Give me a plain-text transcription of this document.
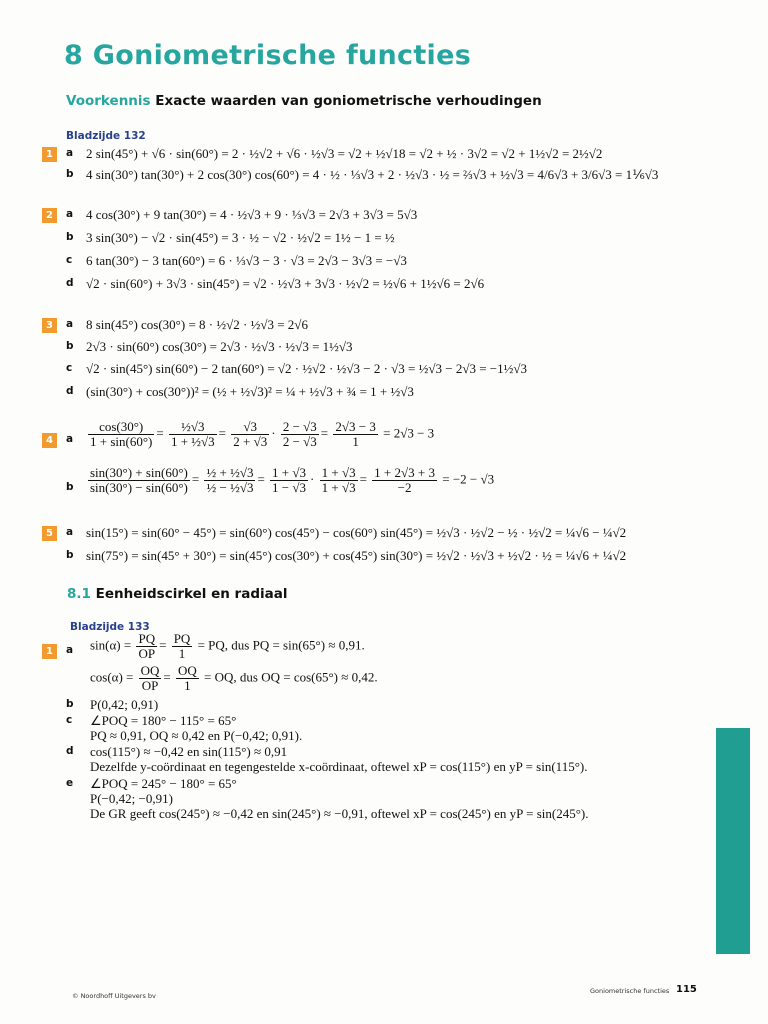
8 Goniometrische functies
Voorkennis Exacte waarden van goniometrische verhoudingen
Bladzijde 132
1	a 2 sin(45°) + √6 · sin(60°) = 2 · ½√2 + √6 · ½√3 = √2 + ½√18 = √2 + ½ · 3√2 = √2 + 1½√2 = 2½√2
b 4 sin(30°) tan(30°) + 2 cos(30°) cos(60°) = 4 · ½ · ⅓√3 + 2 · ½√3 · ½ = ⅔√3 + ½√3 = 4/6√3 + 3/6√3 = 1⅙√3
2	a 4 cos(30°) + 9 tan(30°) = 4 · ½√3 + 9 · ⅓√3 = 2√3 + 3√3 = 5√3
b 3 sin(30°) − √2 · sin(45°) = 3 · ½ − √2 · ½√2 = 1½ − 1 = ½
c 6 tan(30°) − 3 tan(60°) = 6 · ⅓√3 − 3 · √3 = 2√3 − 3√3 = −√3
d √2 · sin(60°) + 3√3 · sin(45°) = √2 · ½√3 + 3√3 · ½√2 = ½√6 + 1½√6 = 2√6
3	a 8 sin(45°) cos(30°) = 8 · ½√2 · ½√3 = 2√6
b 2√3 · sin(60°) cos(30°) = 2√3 · ½√3 · ½√3 = 1½√3
c √2 · sin(45°) sin(60°) − 2 tan(60°) = √2 · ½√2 · ½√3 − 2 · √3 = ½√3 − 2√3 = −1½√3
d (sin(30°) + cos(30°))² = (½ + ½√3)² = ¼ + ½√3 + ¾ = 1 + ½√3
4	a $\frac{\cos(30^\circ)}{1 + \sin(60^\circ)} = \frac{\text{½√3}}{\text{1 + ½√3}} = \frac{√3}{2 + √3} \cdot \frac{2 - √3}{2 - √3} = \frac{2√3 - 3}{1} = 2√3 - 3$
b $\frac{\sin(30^\circ) + \sin(60^\circ)}{\sin(30^\circ) - \sin(60^\circ)} = \frac{\text{½ + ½√3}}{\text{½ − ½√3}} = \frac{1 + √3}{1 - √3} \cdot \frac{1 + √3}{1 + √3} = \frac{1 + 2√3 + 3}{-2} = -2 - √3$
5	a sin(15°) = sin(60° − 45°) = sin(60°) cos(45°) − cos(60°) sin(45°) = ½√3 · ½√2 − ½ · ½√2 = ¼√6 − ¼√2
b sin(75°) = sin(45° + 30°) = sin(45°) cos(30°) + cos(45°) sin(30°) = ½√2 · ½√3 + ½√2 · ½ = ¼√6 + ¼√2
8.1 Eenheidscirkel en radiaal
Bladzijde 133
1	a $\sin(\alpha) = \frac{PQ}{OP} = \frac{PQ}{1}$ = PQ, dus PQ = sin(65°) ≈ 0,91.
$\cos(\alpha) = \frac{OQ}{OP} = \frac{OQ}{1}$ = OQ, dus OQ = cos(65°) ≈ 0,42.
b P(0,42; 0,91)
c ∠POQ = 180° − 115° = 65°
PQ ≈ 0,91, OQ ≈ 0,42 en P(−0,42; 0,91).
d cos(115°) ≈ −0,42 en sin(115°) ≈ 0,91
Dezelfde y-coördinaat en tegengestelde x-coördinaat, oftewel xP = cos(115°) en yP = sin(115°).
e ∠POQ = 245° − 180° = 65°
P(−0,42; −0,91)
De GR geeft cos(245°) ≈ −0,42 en sin(245°) ≈ −0,91, oftewel xP = cos(245°) en yP = sin(245°).
© Noordhoff Uitgevers bv
Goniometrische functies 115
